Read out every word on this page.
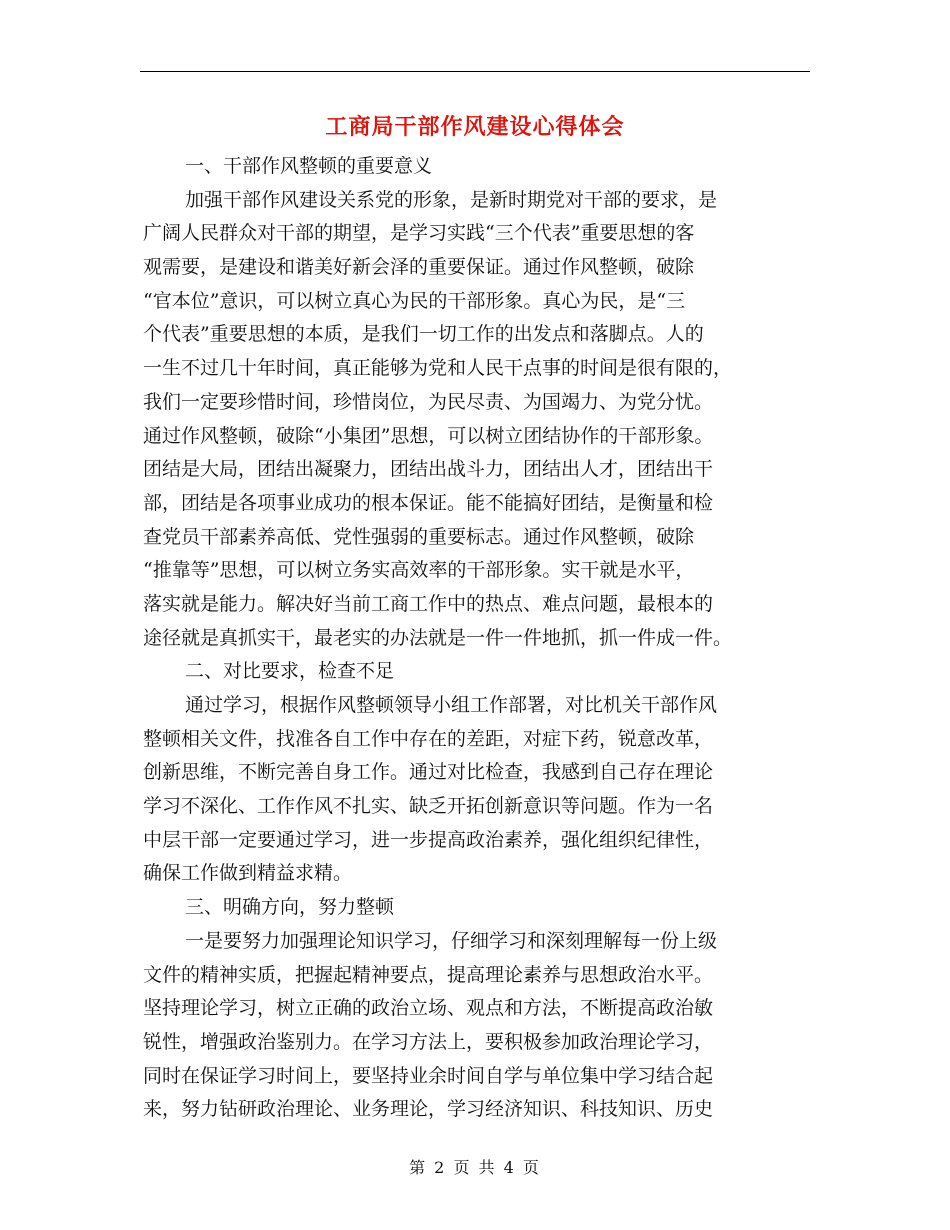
工商局干部作风建设心得体会
一、干部作风整顿的重要意义
加强干部作风建设关系党的形象，是新时期党对干部的要求，是
广阔人民群众对干部的期望，是学习实践“三个代表”重要思想的客
观需要，是建设和谐美好新会泽的重要保证。通过作风整顿，破除
“官本位”意识，可以树立真心为民的干部形象。真心为民，是“三
个代表”重要思想的本质，是我们一切工作的出发点和落脚点。人的
一生不过几十年时间，真正能够为党和人民干点事的时间是很有限的，
我们一定要珍惜时间，珍惜岗位，为民尽责、为国竭力、为党分忧。
通过作风整顿，破除“小集团”思想，可以树立团结协作的干部形象。
团结是大局，团结出凝聚力，团结出战斗力，团结出人才，团结出干
部，团结是各项事业成功的根本保证。能不能搞好团结，是衡量和检
查党员干部素养高低、党性强弱的重要标志。通过作风整顿，破除
“推靠等”思想，可以树立务实高效率的干部形象。实干就是水平，
落实就是能力。解决好当前工商工作中的热点、难点问题，最根本的
途径就是真抓实干，最老实的办法就是一件一件地抓，抓一件成一件。
二、对比要求，检查不足
通过学习，根据作风整顿领导小组工作部署，对比机关干部作风
整顿相关文件，找准各自工作中存在的差距，对症下药，锐意改革，
创新思维，不断完善自身工作。通过对比检查，我感到自己存在理论
学习不深化、工作作风不扎实、缺乏开拓创新意识等问题。作为一名
中层干部一定要通过学习，进一步提高政治素养，强化组织纪律性，
确保工作做到精益求精。
三、明确方向，努力整顿
一是要努力加强理论知识学习，仔细学习和深刻理解每一份上级
文件的精神实质，把握起精神要点，提高理论素养与思想政治水平。
坚持理论学习，树立正确的政治立场、观点和方法，不断提高政治敏
锐性，增强政治鉴别力。在学习方法上，要积极参加政治理论学习，
同时在保证学习时间上，要坚持业余时间自学与单位集中学习结合起
来，努力钻研政治理论、业务理论，学习经济知识、科技知识、历史
第 2 页 共 4 页
